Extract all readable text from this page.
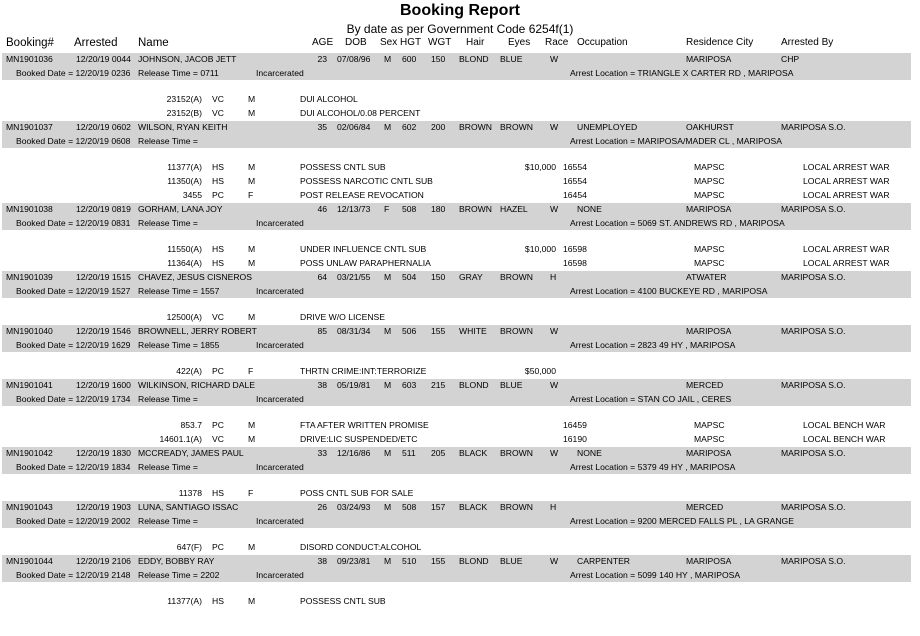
Booking Report
By date as per Government Code 6254f(1)
Booking# Arrested Name	AGE DOB Sex HGT WGT Hair Eyes Race Occupation	Residence City	Arrested By
MN1901036	12/20/19 0044 JOHNSON, JACOB JETT	23 07/08/96 M 600 150 BLOND BLUE	W	MARIPOSA	CHP
Booked Date = 12/20/19 0236 Release Time = 0711	Incarcerated	Arrest Location = TRIANGLE X CARTER RD , MARIPOSA
23152(A) VC	M	DUI ALCOHOL
23152(B) VC	M	DUI ALCOHOL/0.08 PERCENT
MN1901037	12/20/19 0602 WILSON, RYAN KEITH	35 02/06/84 M 602 200 BROWN BROWN W UNEMPLOYED	OAKHURST	MARIPOSA S.O.
Booked Date = 12/20/19 0608 Release Time =	Arrest Location = MARIPOSA/MADER CL , MARIPOSA
11377(A) HS	M	POSSESS CNTL SUB	$10,000 16554	MAPSC	LOCAL ARREST WAR
11350(A) HS	M	POSSESS NARCOTIC CNTL SUB	16554	MAPSC	LOCAL ARREST WAR
3455 PC	F	POST RELEASE REVOCATION	16454	MAPSC	LOCAL ARREST WAR
MN1901038	12/20/19 0819 GORHAM, LANA JOY	46 12/13/73 F 508 180 BROWN HAZEL	W NONE	MARIPOSA	MARIPOSA S.O.
Booked Date = 12/20/19 0831 Release Time =	Incarcerated	Arrest Location = 5069 ST. ANDREWS RD , MARIPOSA
11550(A) HS	M	UNDER INFLUENCE CNTL SUB	$10,000 16598	MAPSC	LOCAL ARREST WAR
11364(A) HS	M	POSS UNLAW PARAPHERNALIA	16598	MAPSC	LOCAL ARREST WAR
MN1901039	12/20/19 1515 CHAVEZ, JESUS CISNEROS	64 03/21/55 M 504 150 GRAY BROWN H	ATWATER	MARIPOSA S.O.
Booked Date = 12/20/19 1527 Release Time = 1557	Incarcerated	Arrest Location = 4100 BUCKEYE RD , MARIPOSA
12500(A) VC	M	DRIVE W/O LICENSE
MN1901040	12/20/19 1546 BROWNELL, JERRY ROBERT	85 08/31/34 M 506 155 WHITE BROWN W	MARIPOSA	MARIPOSA S.O.
Booked Date = 12/20/19 1629 Release Time = 1855	Incarcerated	Arrest Location = 2823 49 HY , MARIPOSA
422(A) PC	F	THRTN CRIME:INT:TERRORIZE	$50,000
MN1901041	12/20/19 1600 WILKINSON, RICHARD DALE	38 05/19/81 M 603 215 BLOND BLUE	W	MERCED	MARIPOSA S.O.
Booked Date = 12/20/19 1734 Release Time =	Incarcerated	Arrest Location = STAN CO JAIL , CERES
853.7 PC	M	FTA AFTER WRITTEN PROMISE	16459	MAPSC	LOCAL BENCH WAR
14601.1(A) VC	M	DRIVE:LIC SUSPENDED/ETC	16190	MAPSC	LOCAL BENCH WAR
MN1901042	12/20/19 1830 MCCREADY, JAMES PAUL	33 12/16/86 M 511 205 BLACK BROWN W NONE	MARIPOSA	MARIPOSA S.O.
Booked Date = 12/20/19 1834 Release Time =	Incarcerated	Arrest Location = 5379 49 HY , MARIPOSA
11378 HS	F	POSS CNTL SUB FOR SALE
MN1901043	12/20/19 1903 LUNA, SANTIAGO ISSAC	26 03/24/93 M 508 157 BLACK BROWN H	MERCED	MARIPOSA S.O.
Booked Date = 12/20/19 2002 Release Time =	Incarcerated	Arrest Location = 9200 MERCED FALLS PL , LA GRANGE
647(F) PC	M	DISORD CONDUCT:ALCOHOL
MN1901044	12/20/19 2106 EDDY, BOBBY RAY	38 09/23/81 M 510 155 BLOND BLUE	W CARPENTER	MARIPOSA	MARIPOSA S.O.
Booked Date = 12/20/19 2148 Release Time = 2202	Incarcerated	Arrest Location = 5099 140 HY , MARIPOSA
11377(A) HS	M	POSSESS CNTL SUB
